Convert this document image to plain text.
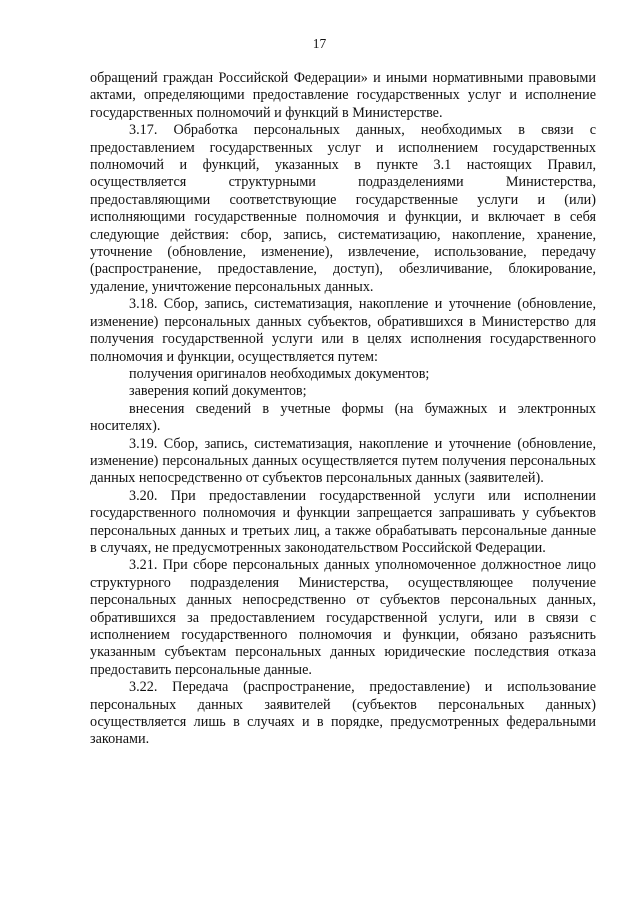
17

обращений граждан Российской Федерации» и иными нормативными правовыми актами, определяющими предоставление государственных услуг и исполнение государственных полномочий и функций в Министерстве.

3.17. Обработка персональных данных, необходимых в связи с предоставлением государственных услуг и исполнением государственных полномочий и функций, указанных в пункте 3.1 настоящих Правил, осуществляется структурными подразделениями Министерства, предоставляющими соответствующие государственные услуги и (или) исполняющими государственные полномочия и функции, и включает в себя следующие действия: сбор, запись, систематизацию, накопление, хранение, уточнение (обновление, изменение), извлечение, использование, передачу (распространение, предоставление, доступ), обезличивание, блокирование, удаление, уничтожение персональных данных.

3.18. Сбор, запись, систематизация, накопление и уточнение (обновление, изменение) персональных данных субъектов, обратившихся в Министерство для получения государственной услуги или в целях исполнения государственного полномочия и функции, осуществляется путем:

получения оригиналов необходимых документов;

заверения копий документов;

внесения сведений в учетные формы (на бумажных и электронных носителях).

3.19. Сбор, запись, систематизация, накопление и уточнение (обновление, изменение) персональных данных осуществляется путем получения персональных данных непосредственно от субъектов персональных данных (заявителей).

3.20. При предоставлении государственной услуги или исполнении государственного полномочия и функции запрещается запрашивать у субъектов персональных данных и третьих лиц, а также обрабатывать персональные данные в случаях, не предусмотренных законодательством Российской Федерации.

3.21. При сборе персональных данных уполномоченное должностное лицо структурного подразделения Министерства, осуществляющее получение персональных данных непосредственно от субъектов персональных данных, обратившихся за предоставлением государственной услуги, или в связи с исполнением государственного полномочия и функции, обязано разъяснить указанным субъектам персональных данных юридические последствия отказа предоставить персональные данные.

3.22. Передача (распространение, предоставление) и использование персональных данных заявителей (субъектов персональных данных) осуществляется лишь в случаях и в порядке, предусмотренных федеральными законами.
